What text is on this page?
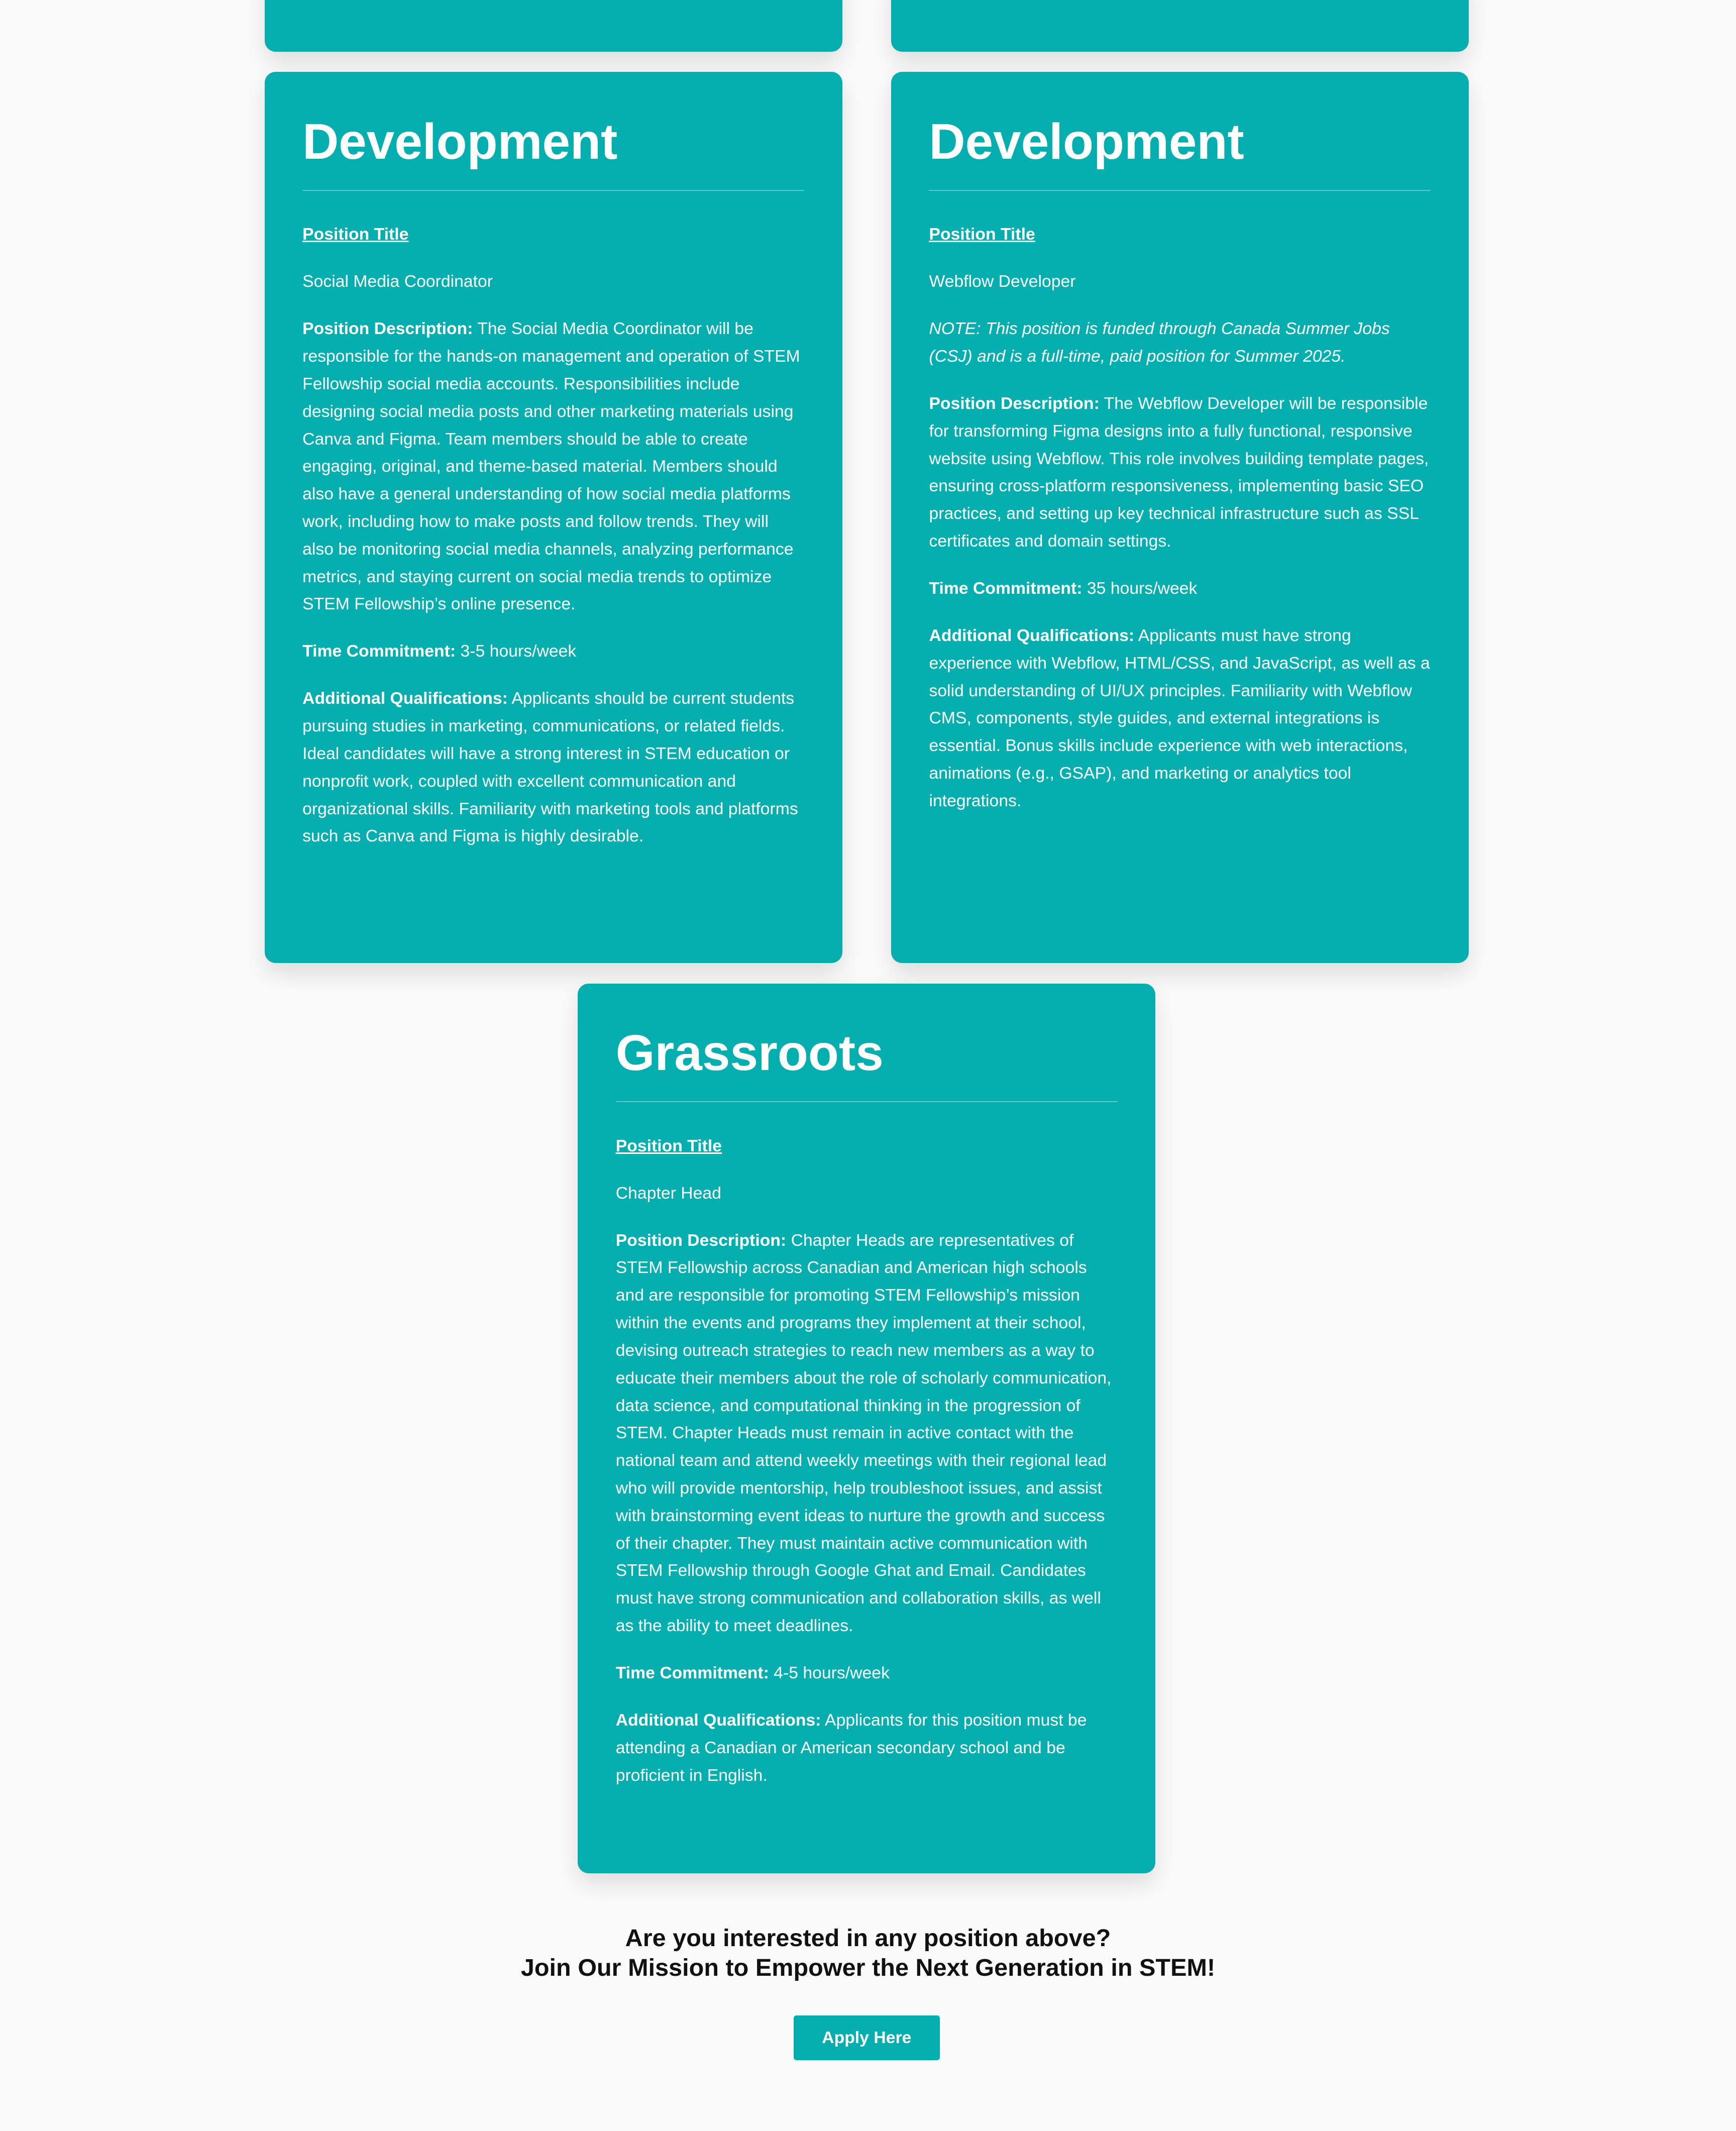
Development

Position Title

Social Media Coordinator

Position Description: The Social Media Coordinator will be responsible for the hands-on management and operation of STEM Fellowship social media accounts. Responsibilities include designing social media posts and other marketing materials using Canva and Figma. Team members should be able to create engaging, original, and theme-based material. Members should also have a general understanding of how social media platforms work, including how to make posts and follow trends. They will also be monitoring social media channels, analyzing performance metrics, and staying current on social media trends to optimize STEM Fellowship’s online presence.

Time Commitment: 3-5 hours/week

Additional Qualifications: Applicants should be current students pursuing studies in marketing, communications, or related fields. Ideal candidates will have a strong interest in STEM education or nonprofit work, coupled with excellent communication and organizational skills. Familiarity with marketing tools and platforms such as Canva and Figma is highly desirable.

Development

Position Title

Webflow Developer

NOTE: This position is funded through Canada Summer Jobs (CSJ) and is a full-time, paid position for Summer 2025.

Position Description: The Webflow Developer will be responsible for transforming Figma designs into a fully functional, responsive website using Webflow. This role involves building template pages, ensuring cross-platform responsiveness, implementing basic SEO practices, and setting up key technical infrastructure such as SSL certificates and domain settings.

Time Commitment: 35 hours/week

Additional Qualifications: Applicants must have strong experience with Webflow, HTML/CSS, and JavaScript, as well as a solid understanding of UI/UX principles. Familiarity with Webflow CMS, components, style guides, and external integrations is essential. Bonus skills include experience with web interactions, animations (e.g., GSAP), and marketing or analytics tool integrations.

Grassroots

Position Title

Chapter Head

Position Description: Chapter Heads are representatives of STEM Fellowship across Canadian and American high schools and are responsible for promoting STEM Fellowship’s mission within the events and programs they implement at their school, devising outreach strategies to reach new members as a way to educate their members about the role of scholarly communication, data science, and computational thinking in the progression of STEM. Chapter Heads must remain in active contact with the national team and attend weekly meetings with their regional lead who will provide mentorship, help troubleshoot issues, and assist with brainstorming event ideas to nurture the growth and success of their chapter. They must maintain active communication with STEM Fellowship through Google Ghat and Email. Candidates must have strong communication and collaboration skills, as well as the ability to meet deadlines.

Time Commitment: 4-5 hours/week

Additional Qualifications: Applicants for this position must be attending a Canadian or American secondary school and be proficient in English.

Are you interested in any position above?
Join Our Mission to Empower the Next Generation in STEM!
Apply Here
